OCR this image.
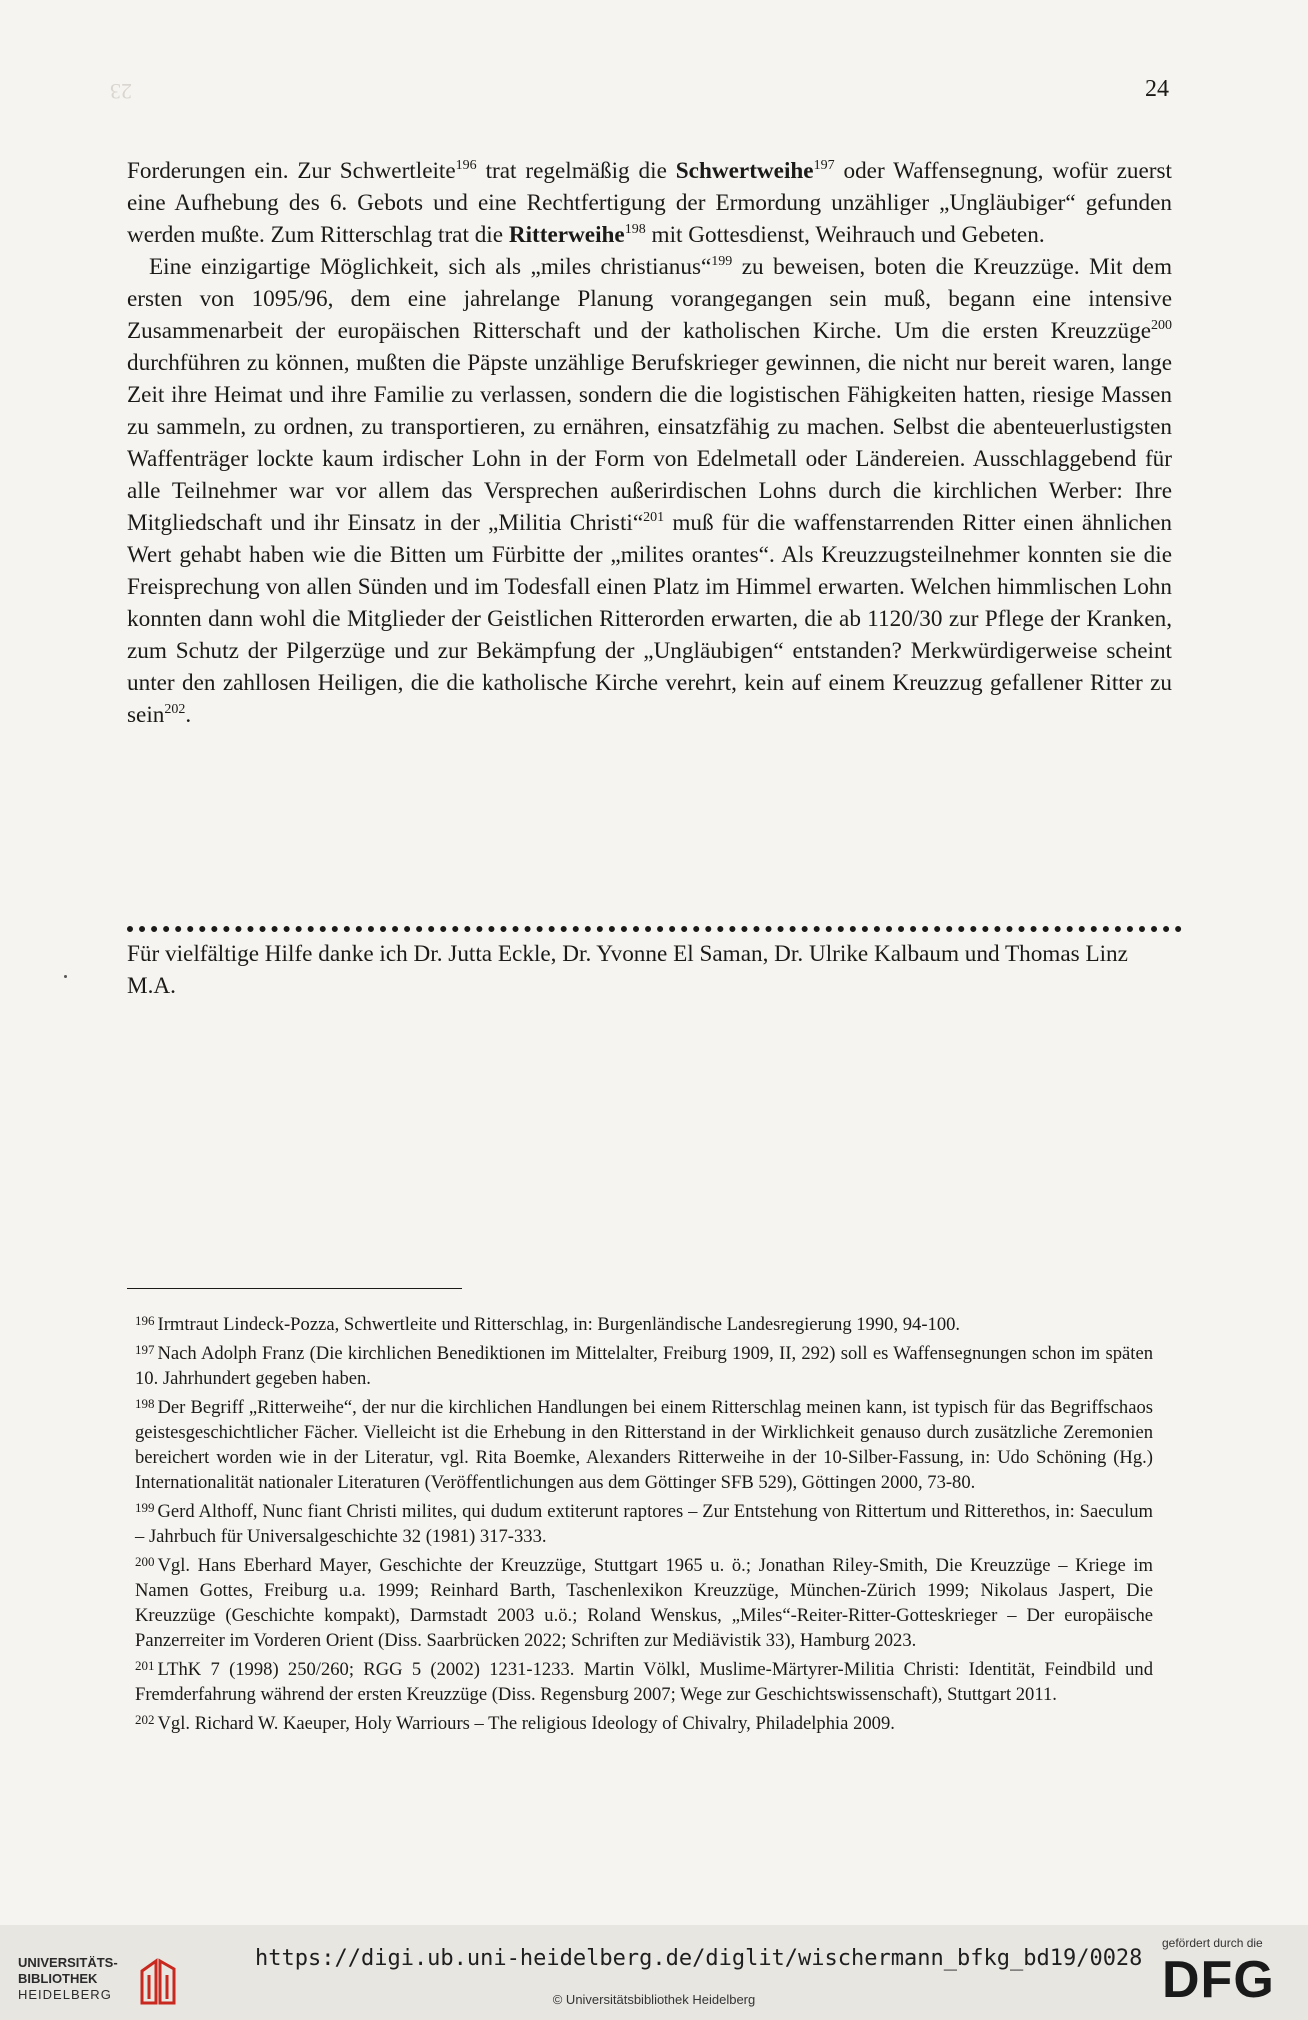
23	24

Forderungen ein. Zur Schwertleite$^{196}$ trat regelmäßig die Schwertweihe$^{197}$ oder Waffensegnung, wofür zuerst eine Aufhebung des 6. Gebots und eine Rechtfertigung der Ermordung unzähliger „Ungläubiger“ gefunden werden mußte. Zum Ritterschlag trat die Ritterweihe$^{198}$ mit Gottesdienst, Weihrauch und Gebeten.

Eine einzigartige Möglichkeit, sich als „miles christianus“$^{199}$ zu beweisen, boten die Kreuzzüge. Mit dem ersten von 1095/96, dem eine jahrelange Planung vorangegangen sein muß, begann eine intensive Zusammenarbeit der europäischen Ritterschaft und der katholischen Kirche. Um die ersten Kreuzzüge$^{200}$ durchführen zu können, mußten die Päpste unzählige Berufskrieger gewinnen, die nicht nur bereit waren, lange Zeit ihre Heimat und ihre Familie zu verlassen, sondern die die logistischen Fähigkeiten hatten, riesige Massen zu sammeln, zu ordnen, zu transportieren, zu ernähren, einsatzfähig zu machen. Selbst die abenteuerlustigsten Waffenträger lockte kaum irdischer Lohn in der Form von Edelmetall oder Ländereien. Ausschlaggebend für alle Teilnehmer war vor allem das Versprechen außerirdischen Lohns durch die kirchlichen Werber: Ihre Mitgliedschaft und ihr Einsatz in der „Militia Christi“$^{201}$ muß für die waffenstarrenden Ritter einen ähnlichen Wert gehabt haben wie die Bitten um Fürbitte der „milites orantes“. Als Kreuzzugsteilnehmer konnten sie die Freisprechung von allen Sünden und im Todesfall einen Platz im Himmel erwarten. Welchen himmlischen Lohn konnten dann wohl die Mitglieder der Geistlichen Ritterorden erwarten, die ab 1120/30 zur Pflege der Kranken, zum Schutz der Pilgerzüge und zur Bekämpfung der „Ungläubigen“ entstanden? Merkwürdigerweise scheint unter den zahllosen Heiligen, die die katholische Kirche verehrt, kein auf einem Kreuzzug gefallener Ritter zu sein$^{202}$.

Für vielfältige Hilfe danke ich Dr. Jutta Eckle, Dr. Yvonne El Saman, Dr. Ulrike Kalbaum und Thomas Linz M.A.

$^{196}$ Irmtraut Lindeck-Pozza, Schwertleite und Ritterschlag, in: Burgenländische Landesregierung 1990, 94-100.

$^{197}$ Nach Adolph Franz (Die kirchlichen Benediktionen im Mittelalter, Freiburg 1909, II, 292) soll es Waffensegnungen schon im späten 10. Jahrhundert gegeben haben.

$^{198}$ Der Begriff „Ritterweihe“, der nur die kirchlichen Handlungen bei einem Ritterschlag meinen kann, ist typisch für das Begriffschaos geistesgeschichtlicher Fächer. Vielleicht ist die Erhebung in den Ritterstand in der Wirklichkeit genauso durch zusätzliche Zeremonien bereichert worden wie in der Literatur, vgl. Rita Boemke, Alexanders Ritterweihe in der 10-Silber-Fassung, in: Udo Schöning (Hg.) Internationalität nationaler Literaturen (Veröffentlichungen aus dem Göttinger SFB 529), Göttingen 2000, 73-80.

$^{199}$ Gerd Althoff, Nunc fiant Christi milites, qui dudum extiterunt raptores – Zur Entstehung von Rittertum und Ritterethos, in: Saeculum – Jahrbuch für Universalgeschichte 32 (1981) 317-333.

$^{200}$ Vgl. Hans Eberhard Mayer, Geschichte der Kreuzzüge, Stuttgart 1965 u. ö.; Jonathan Riley-Smith, Die Kreuzzüge – Kriege im Namen Gottes, Freiburg u.a. 1999; Reinhard Barth, Taschenlexikon Kreuzzüge, München-Zürich 1999; Nikolaus Jaspert, Die Kreuzzüge (Geschichte kompakt), Darmstadt 2003 u.ö.; Roland Wenskus, „Miles“-Reiter-Ritter-Gotteskrieger – Der europäische Panzerreiter im Vorderen Orient (Diss. Saarbrücken 2022; Schriften zur Mediävistik 33), Hamburg 2023.

$^{201}$ LThK 7 (1998) 250/260; RGG 5 (2002) 1231-1233. Martin Völkl, Muslime-Märtyrer-Militia Christi: Identität, Feindbild und Fremderfahrung während der ersten Kreuzzüge (Diss. Regensburg 2007; Wege zur Geschichtswissenschaft), Stuttgart 2011.

$^{202}$ Vgl. Richard W. Kaeuper, Holy Warriours – The religious Ideology of Chivalry, Philadelphia 2009.

UNIVERSITÄTS-
BIBLIOTHEK
HEIDELBERG
https://digi.ub.uni-heidelberg.de/diglit/wischermann_bfkg_bd19/0028
© Universitätsbibliothek Heidelberg
gefördert durch die
DFG
